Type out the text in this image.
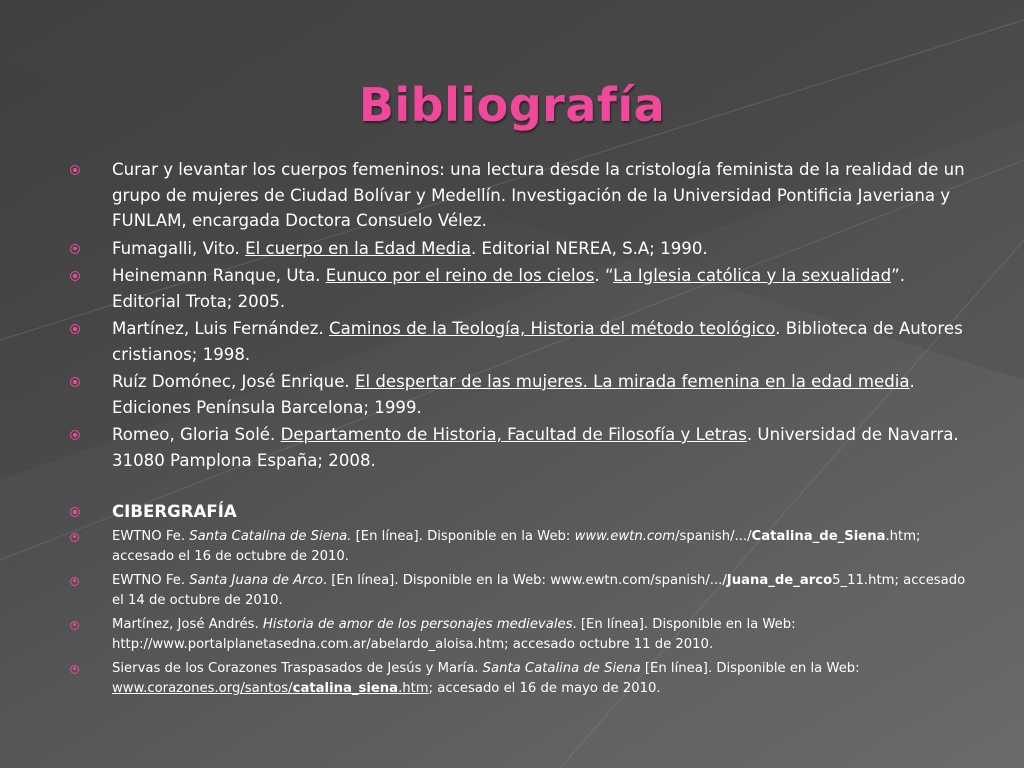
Bibliografía
Curar y levantar los cuerpos femeninos: una lectura desde la cristología feminista de la realidad de un grupo de mujeres de Ciudad Bolívar y Medellín. Investigación de la Universidad Pontificia Javeriana y FUNLAM, encargada Doctora Consuelo Vélez.
Fumagalli, Vito. El cuerpo en la Edad Media. Editorial NEREA, S.A; 1990.
Heinemann Ranque, Uta. Eunuco por el reino de los cielos. “La Iglesia católica y la sexualidad”. Editorial Trota; 2005.
Martínez, Luis Fernández. Caminos de la Teología, Historia del método teológico. Biblioteca de Autores cristianos; 1998.
Ruíz Domónec, José Enrique. El despertar de las mujeres. La mirada femenina en la edad media. Ediciones Península Barcelona; 1999.
Romeo, Gloria Solé. Departamento de Historia, Facultad de Filosofía y Letras. Universidad de Navarra. 31080 Pamplona España; 2008.
CIBERGRAFÍA
EWTNO Fe. Santa Catalina de Siena. [En línea]. Disponible en la Web: www.ewtn.com/spanish/.../Catalina_de_Siena.htm; accesado el 16 de octubre de 2010.
EWTNO Fe. Santa Juana de Arco. [En línea]. Disponible en la Web: www.ewtn.com/spanish/.../Juana_de_arco5_11.htm; accesado el 14 de octubre de 2010.
Martínez, José Andrés. Historia de amor de los personajes medievales. [En línea]. Disponible en la Web: http://www.portalplanetasedna.com.ar/abelardo_aloisa.htm; accesado octubre 11 de 2010.
Siervas de los Corazones Traspasados de Jesús y María. Santa Catalina de Siena [En línea]. Disponible en la Web: www.corazones.org/santos/catalina_siena.htm; accesado el 16 de mayo de 2010.
